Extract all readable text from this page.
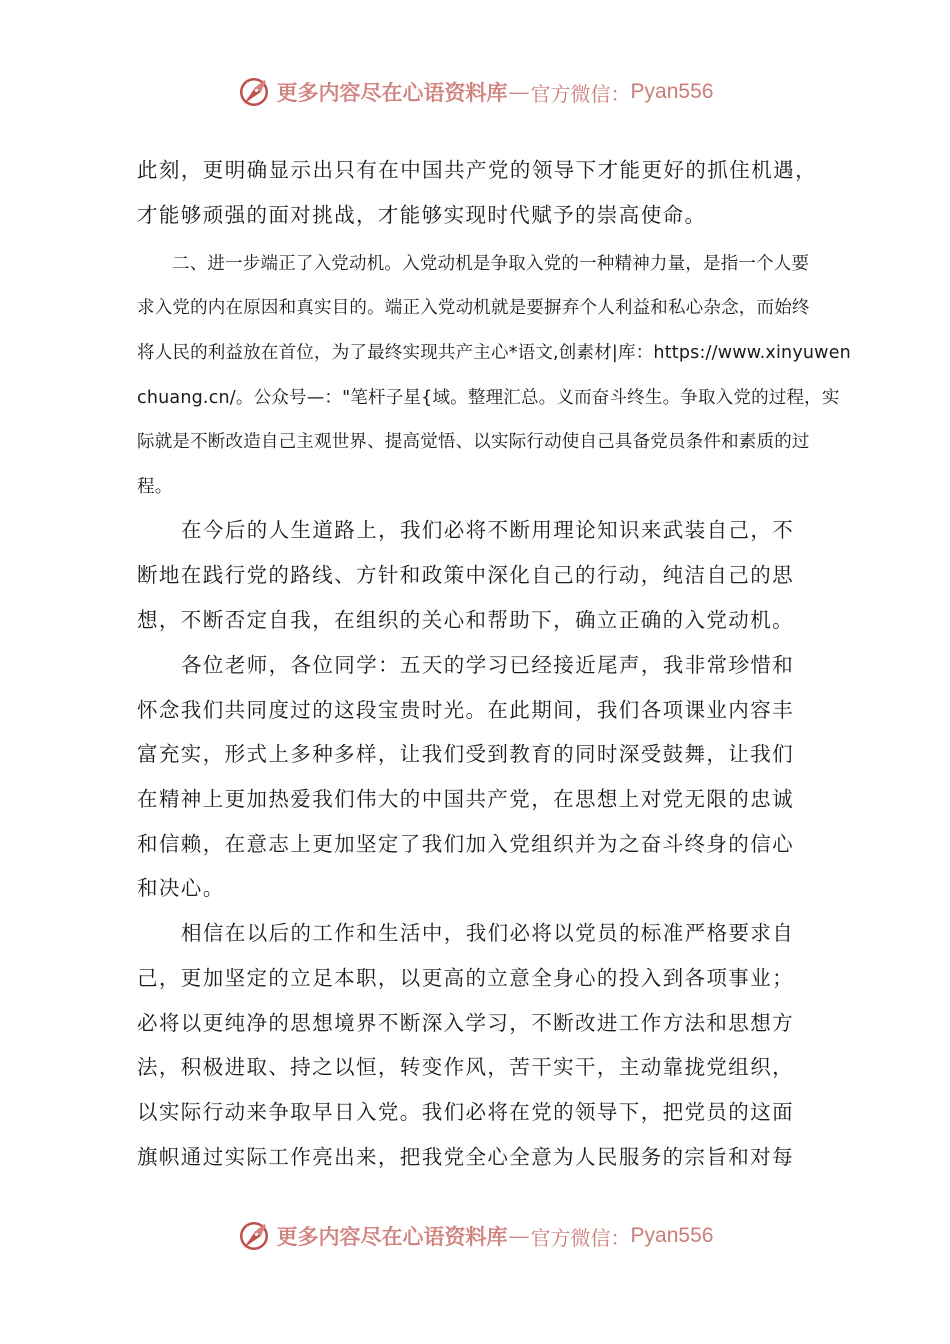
更多内容尽在心语资料库 — 官方微信： Pyan556
此刻，更明确显示出只有在中国共产党的领导下才能更好的抓住机遇，
才能够顽强的面对挑战，才能够实现时代赋予的崇高使命。
二、进一步端正了入党动机。入党动机是争取入党的一种精神力量，是指一个人要
求入党的内在原因和真实目的。端正入党动机就是要摒弃个人利益和私心杂念，而始终
将人民的利益放在首位，为了最终实现共产主心*语文,创素材|库：https://www.xinyuwen
chuang.cn/。公众号—："笔杆子星{域。整理汇总。义而奋斗终生。争取入党的过程，实
际就是不断改造自己主观世界、提高觉悟、以实际行动使自己具备党员条件和素质的过
程。
在今后的人生道路上，我们必将不断用理论知识来武装自己，不
断地在践行党的路线、方针和政策中深化自己的行动，纯洁自己的思
想，不断否定自我，在组织的关心和帮助下，确立正确的入党动机。
各位老师，各位同学：五天的学习已经接近尾声，我非常珍惜和
怀念我们共同度过的这段宝贵时光。在此期间，我们各项课业内容丰
富充实，形式上多种多样，让我们受到教育的同时深受鼓舞，让我们
在精神上更加热爱我们伟大的中国共产党，在思想上对党无限的忠诚
和信赖，在意志上更加坚定了我们加入党组织并为之奋斗终身的信心
和决心。
相信在以后的工作和生活中，我们必将以党员的标准严格要求自
己，更加坚定的立足本职，以更高的立意全身心的投入到各项事业；
必将以更纯净的思想境界不断深入学习，不断改进工作方法和思想方
法，积极进取、持之以恒，转变作风，苦干实干，主动靠拢党组织，
以实际行动来争取早日入党。我们必将在党的领导下，把党员的这面
旗帜通过实际工作亮出来，把我党全心全意为人民服务的宗旨和对每
更多内容尽在心语资料库 — 官方微信： Pyan556
